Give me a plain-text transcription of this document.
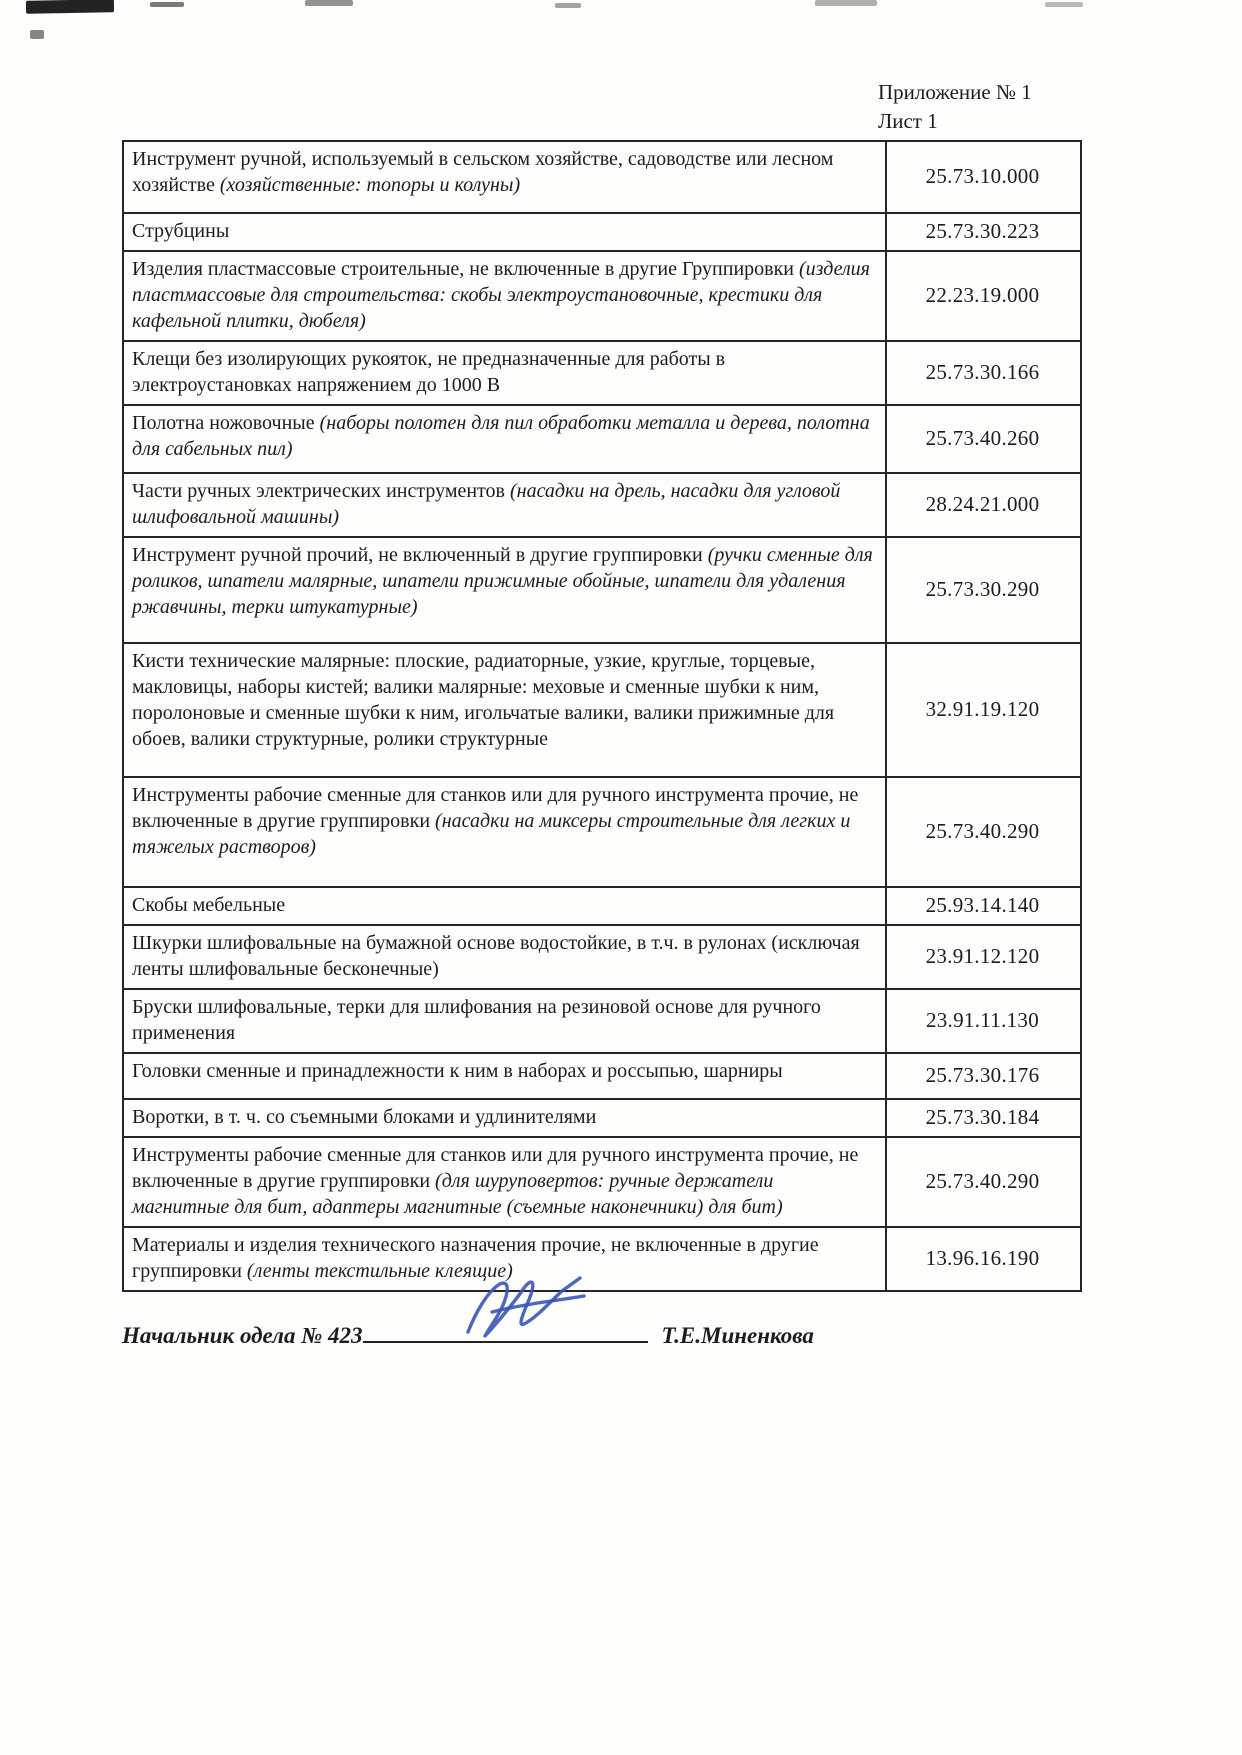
Приложение № 1
Лист 1
Инструмент ручной, используемый в сельском хозяйстве, садоводстве или лесном хозяйстве (хозяйственные: топоры и колуны)	25.73.10.000
Струбцины	25.73.30.223
Изделия пластмассовые строительные, не включенные в другие Группировки (изделия пластмассовые для строительства: скобы электроустановочные, крестики для кафельной плитки, дюбеля)	22.23.19.000
Клещи без изолирующих рукояток, не предназначенные для работы в электроустановках напряжением до 1000 В	25.73.30.166
Полотна ножовочные (наборы полотен для пил обработки металла и дерева, полотна для сабельных пил)	25.73.40.260
Части ручных электрических инструментов (насадки на дрель, насадки для угловой шлифовальной машины)	28.24.21.000
Инструмент ручной прочий, не включенный в другие группировки (ручки сменные для роликов, шпатели малярные, шпатели прижимные обойные, шпатели для удаления ржавчины, терки штукатурные)	25.73.30.290
Кисти технические малярные: плоские, радиаторные, узкие, круглые, торцевые, макловицы, наборы кистей; валики малярные: меховые и сменные шубки к ним, поролоновые и сменные шубки к ним, игольчатые валики, валики прижимные для обоев, валики структурные, ролики структурные	32.91.19.120
Инструменты рабочие сменные для станков или для ручного инструмента прочие, не включенные в другие группировки (насадки на миксеры строительные для легких и тяжелых растворов)	25.73.40.290
Скобы мебельные	25.93.14.140
Шкурки шлифовальные на бумажной основе водостойкие, в т.ч. в рулонах (исключая ленты шлифовальные бесконечные)	23.91.12.120
Бруски шлифовальные, терки для шлифования на резиновой основе для ручного применения	23.91.11.130
Головки сменные и принадлежности к ним в наборах и россыпью, шарниры	25.73.30.176
Воротки, в т. ч. со съемными блоками и удлинителями	25.73.30.184
Инструменты рабочие сменные для станков или для ручного инструмента прочие, не включенные в другие группировки (для шуруповертов: ручные держатели магнитные для бит, адаптеры магнитные (съемные наконечники) для бит)	25.73.40.290
Материалы и изделия технического назначения прочие, не включенные в другие группировки (ленты текстильные клеящие)	13.96.16.190
Начальник одела № 423	Т.Е.Миненкова
